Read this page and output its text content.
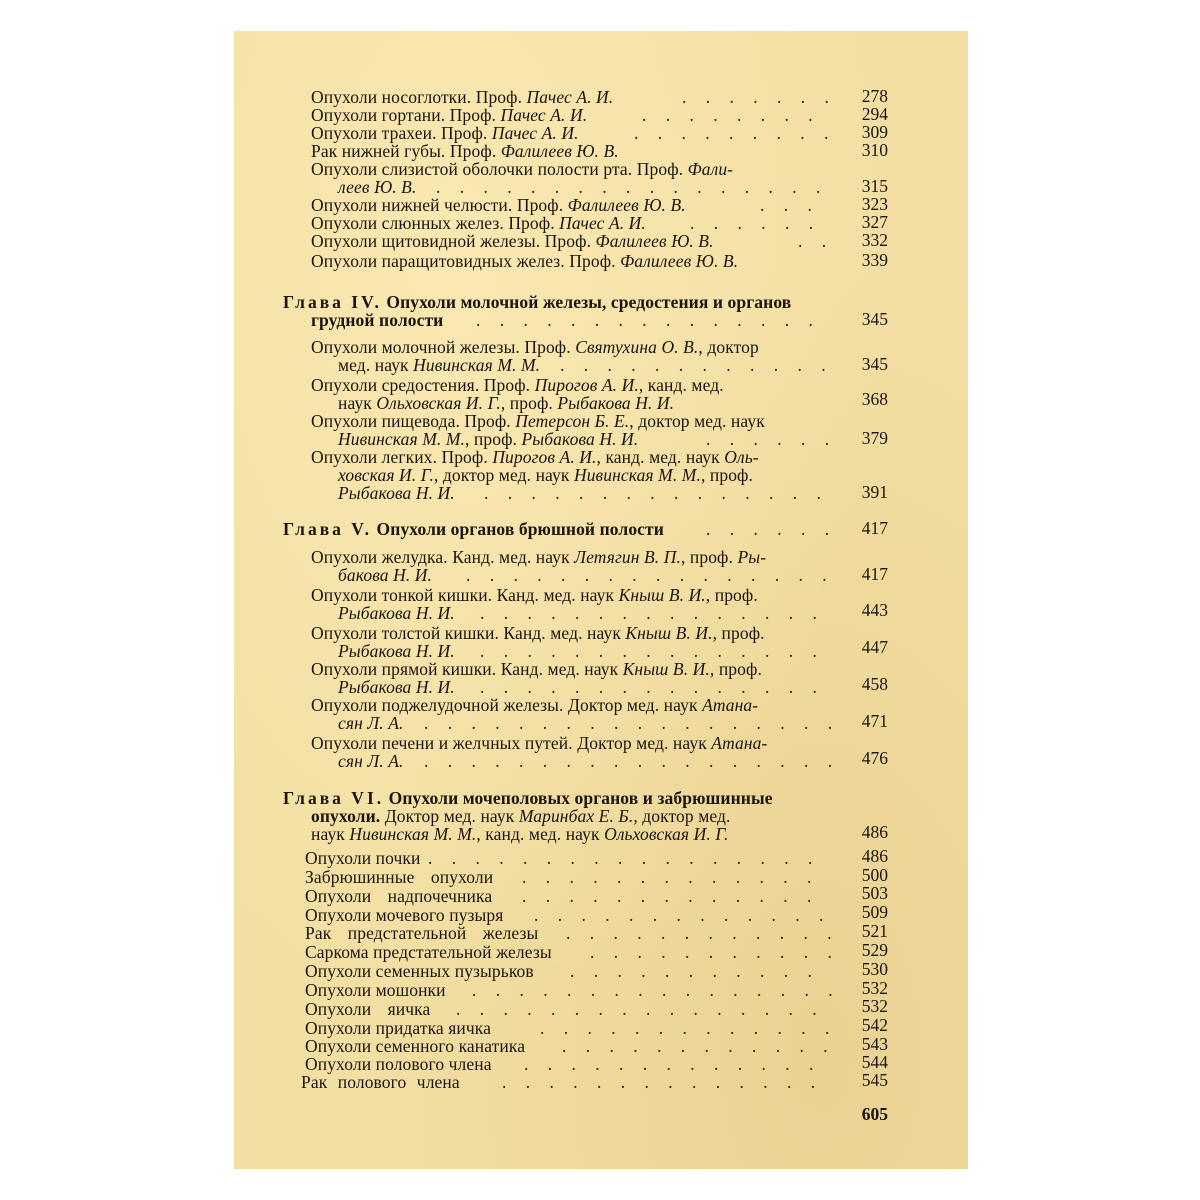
Опухоли носоглотки. Проф. Пачес А. И. . . .	278
Опухоли гортани. Проф. Пачес А. И. . . .	294
Опухоли трахеи. Проф. Пачес А. И. . . .	309
Рак нижней губы. Проф. Фалилеев Ю. В.	310
Опухоли слизистой оболочки полости рта. Проф. Фали-
леев Ю. В. . . .	315
Опухоли нижней челюсти. Проф. Фалилеев Ю. В. . . .	323
Опухоли слюнных желез. Проф. Пачес А. И. . . .	327
Опухоли щитовидной железы. Проф. Фалилеев Ю. В. . . .	332
Опухоли паращитовидных желез. Проф. Фалилеев Ю. В.	339
Глава IV. Опухоли молочной железы, средостения и органов
грудной полости . . .	345
Опухоли молочной железы. Проф. Святухина О. В., доктор
мед. наук Нивинская М. М. . . .	345
Опухоли средостения. Проф. Пирогов А. И., канд. мед.
наук Ольховская И. Г., проф. Рыбакова Н. И.	368
Опухоли пищевода. Проф. Петерсон Б. Е., доктор мед. наук
Нивинская М. М., проф. Рыбакова Н. И. . . .	379
Опухоли легких. Проф. Пирогов А. И., канд. мед. наук Оль-
ховская И. Г., доктор мед. наук Нивинская М. М., проф.
Рыбакова Н. И. . . .	391
Глава V. Опухоли органов брюшной полости . . .	417
Опухоли желудка. Канд. мед. наук Летягин В. П., проф. Ры-
бакова Н. И. . . .	417
Опухоли тонкой кишки. Канд. мед. наук Кныш В. И., проф.
Рыбакова Н. И. . . .	443
Опухоли толстой кишки. Канд. мед. наук Кныш В. И., проф.
Рыбакова Н. И. . . .	447
Опухоли прямой кишки. Канд. мед. наук Кныш В. И., проф.
Рыбакова Н. И. . . .	458
Опухоли поджелудочной железы. Доктор мед. наук Атана-
сян Л. А. . . .	471
Опухоли печени и желчных путей. Доктор мед. наук Атана-
сян Л. А. . . .	476
Глава VI. Опухоли мочеполовых органов и забрюшинные
опухоли. Доктор мед. наук Маринбах Е. Б., доктор мед.
наук Нивинская М. М., канд. мед. наук Ольховская И. Г.	486
Опухоли почки . . .	486
Забрюшинные опухоли . . .	500
Опухоли надпочечника . . .	503
Опухоли мочевого пузыря . . .	509
Рак предстательной железы . . .	521
Саркома предстательной железы . . .	529
Опухоли семенных пузырьков . . .	530
Опухоли мошонки . . .	532
Опухоли яичка . . .	532
Опухоли придатка яичка . . .	542
Опухоли семенного канатика . . .	543
Опухоли полового члена . . .	544
Рак полового члена . . .	545
605
